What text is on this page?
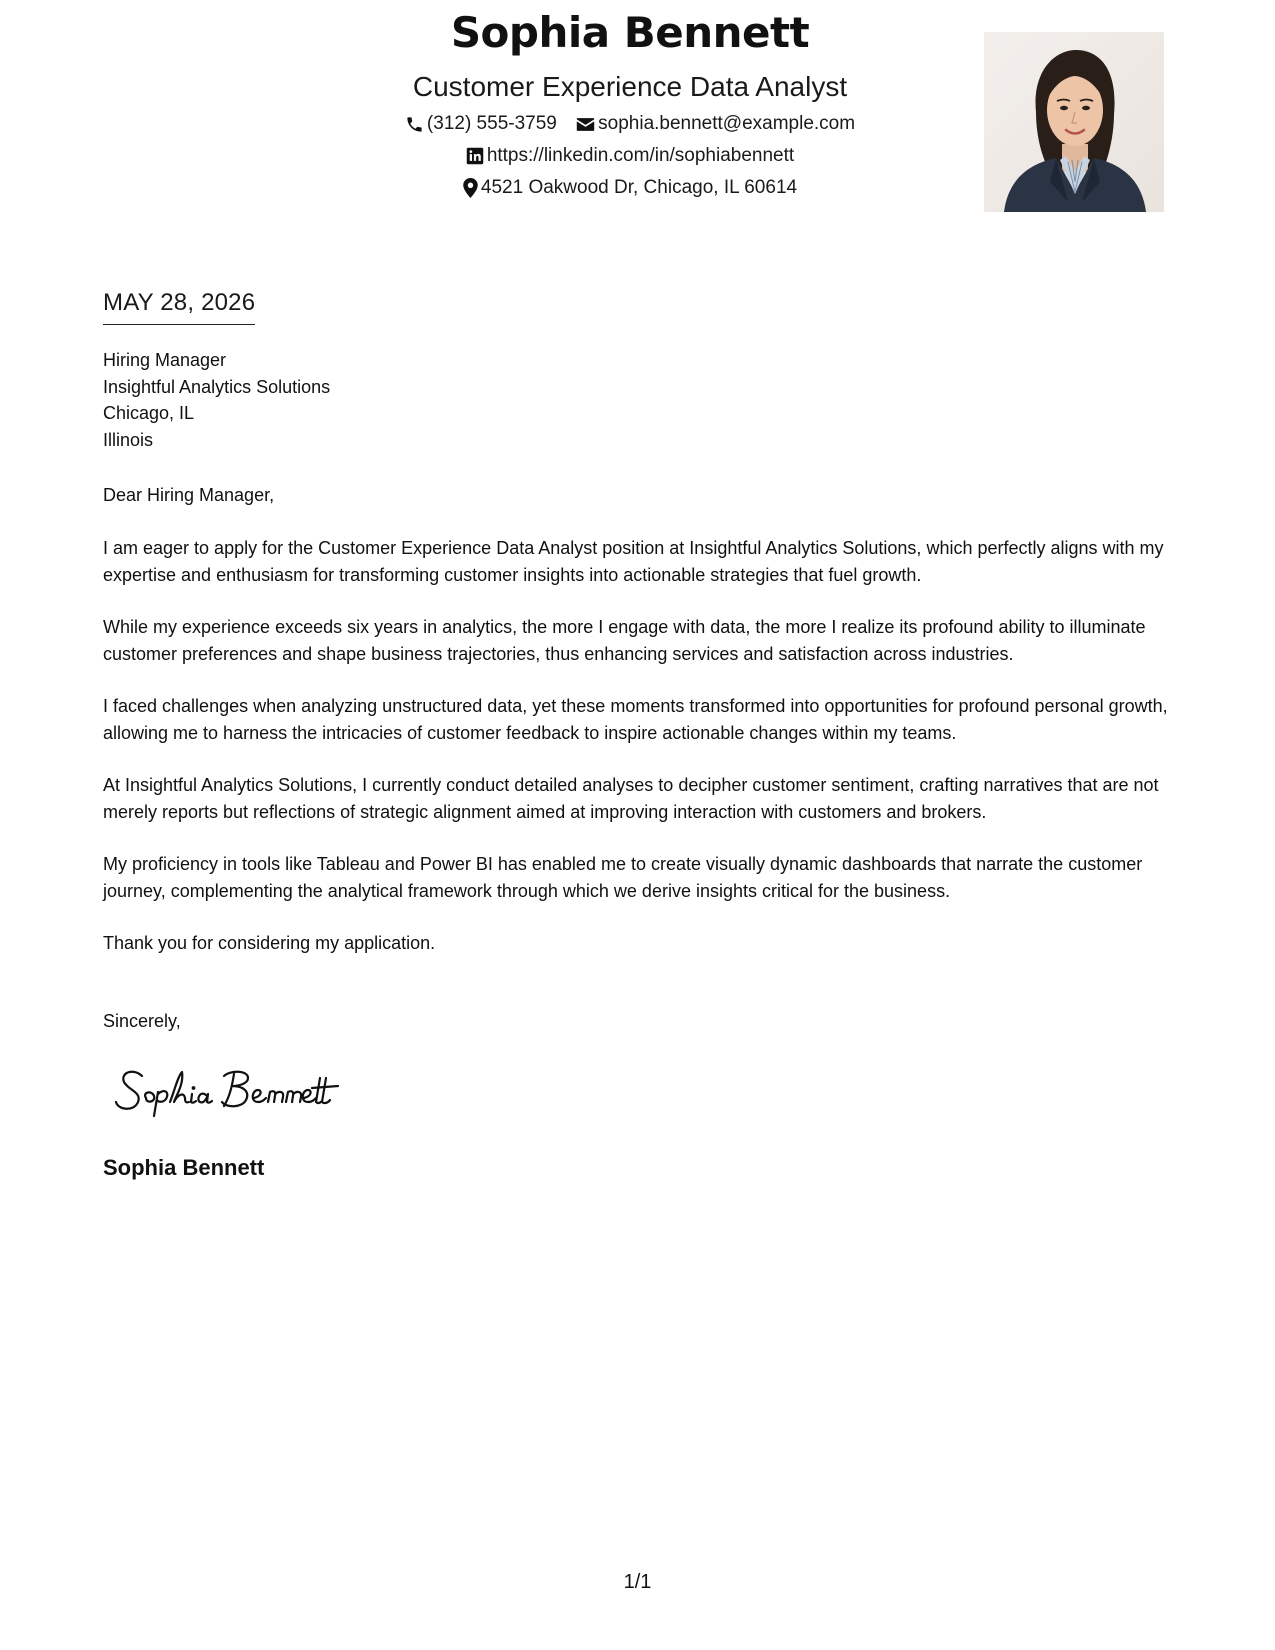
Sophia Bennett
Customer Experience Data Analyst
(312) 555-3759
sophia.bennett@example.com
https://linkedin.com/in/sophiabennett
4521 Oakwood Dr, Chicago, IL 60614
MAY 28, 2026
Hiring Manager
Insightful Analytics Solutions
Chicago, IL
Illinois
Dear Hiring Manager,

I am eager to apply for the Customer Experience Data Analyst position at Insightful Analytics Solutions, which perfectly aligns with my expertise and enthusiasm for transforming customer insights into actionable strategies that fuel growth.

While my experience exceeds six years in analytics, the more I engage with data, the more I realize its profound ability to illuminate customer preferences and shape business trajectories, thus enhancing services and satisfaction across industries.

I faced challenges when analyzing unstructured data, yet these moments transformed into opportunities for profound personal growth, allowing me to harness the intricacies of customer feedback to inspire actionable changes within my teams.

At Insightful Analytics Solutions, I currently conduct detailed analyses to decipher customer sentiment, crafting narratives that are not merely reports but reflections of strategic alignment aimed at improving interaction with customers and brokers.

My proficiency in tools like Tableau and Power BI has enabled me to create visually dynamic dashboards that narrate the customer journey, complementing the analytical framework through which we derive insights critical for the business.

Thank you for considering my application.

Sincerely,
Sophia Bennett
1/1
